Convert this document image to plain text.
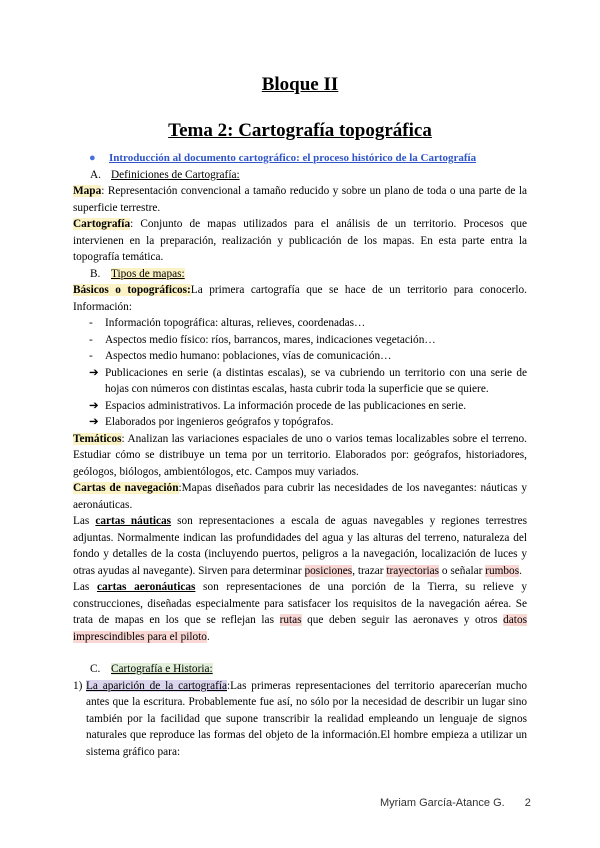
Bloque II
Tema 2: Cartografía topográfica

● Introducción al documento cartográfico: el proceso histórico de la Cartografía

A. Definiciones de Cartografía:

Mapa: Representación convencional a tamaño reducido y sobre un plano de toda o una parte de la superficie terrestre.

Cartografía: Conjunto de mapas utilizados para el análisis de un territorio. Procesos que intervienen en la preparación, realización y publicación de los mapas. En esta parte entra la topografía temática.

B. Tipos de mapas:

Básicos o topográficos:La primera cartografía que se hace de un territorio para conocerlo. Información:

- Información topográfica: alturas, relieves, coordenadas…

- Aspectos medio físico: ríos, barrancos, mares, indicaciones vegetación…

- Aspectos medio humano: poblaciones, vías de comunicación…

➔ Publicaciones en serie (a distintas escalas), se va cubriendo un territorio con una serie de hojas con números con distintas escalas, hasta cubrir toda la superficie que se quiere.

➔ Espacios administrativos. La información procede de las publicaciones en serie.

➔ Elaborados por ingenieros geógrafos y topógrafos.

Temáticos: Analizan las variaciones espaciales de uno o varios temas localizables sobre el terreno. Estudiar cómo se distribuye un tema por un territorio. Elaborados por: geógrafos, historiadores, geólogos, biólogos, ambientólogos, etc. Campos muy variados.

Cartas de navegación:Mapas diseñados para cubrir las necesidades de los navegantes: náuticas y aeronáuticas.

Las cartas náuticas son representaciones a escala de aguas navegables y regiones terrestres adjuntas. Normalmente indican las profundidades del agua y las alturas del terreno, naturaleza del fondo y detalles de la costa (incluyendo puertos, peligros a la navegación, localización de luces y otras ayudas al navegante). Sirven para determinar posiciones, trazar trayectorias o señalar rumbos.

Las cartas aeronáuticas son representaciones de una porción de la Tierra, su relieve y construcciones, diseñadas especialmente para satisfacer los requisitos de la navegación aérea. Se trata de mapas en los que se reflejan las rutas que deben seguir las aeronaves y otros datos imprescindibles para el piloto.

C. Cartografía e Historia:

1) La aparición de la cartografía:Las primeras representaciones del territorio aparecerían mucho antes que la escritura. Probablemente fue así, no sólo por la necesidad de describir un lugar sino también por la facilidad que supone transcribir la realidad empleando un lenguaje de signos naturales que reproduce las formas del objeto de la información.El hombre empieza a utilizar un sistema gráfico para:

Myriam García-Atance G. 2
